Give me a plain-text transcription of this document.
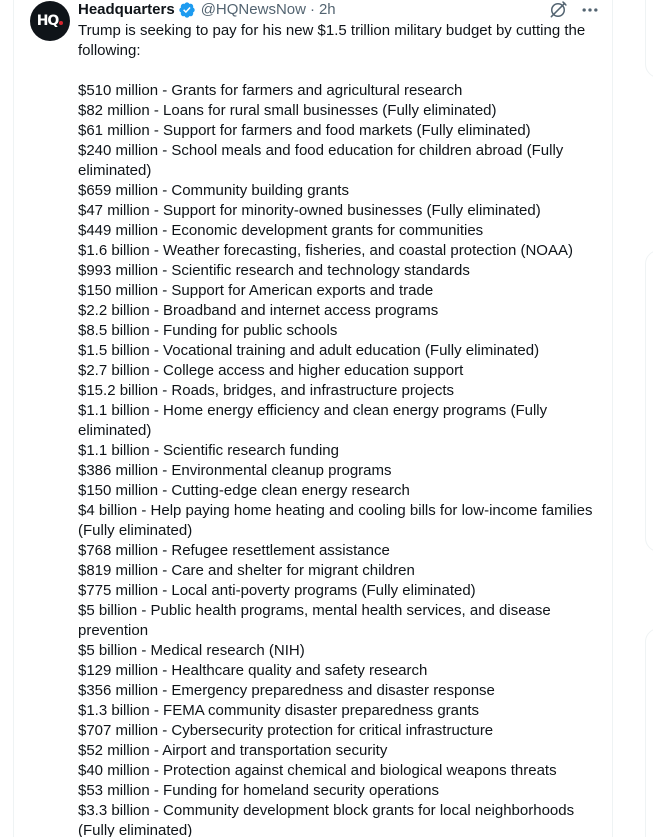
HQ
Headquarters @HQNewsNow · 2h

Trump is seeking to pay for his new $1.5 trillion military budget by cutting the following:

$510 million - Grants for farmers and agricultural research

$82 million - Loans for rural small businesses (Fully eliminated)

$61 million - Support for farmers and food markets (Fully eliminated)

$240 million - School meals and food education for children abroad (Fully eliminated)

$659 million - Community building grants

$47 million - Support for minority-owned businesses (Fully eliminated)

$449 million - Economic development grants for communities

$1.6 billion - Weather forecasting, fisheries, and coastal protection (NOAA)

$993 million - Scientific research and technology standards

$150 million - Support for American exports and trade

$2.2 billion - Broadband and internet access programs

$8.5 billion - Funding for public schools

$1.5 billion - Vocational training and adult education (Fully eliminated)

$2.7 billion - College access and higher education support

$15.2 billion - Roads, bridges, and infrastructure projects

$1.1 billion - Home energy efficiency and clean energy programs (Fully eliminated)

$1.1 billion - Scientific research funding

$386 million - Environmental cleanup programs

$150 million - Cutting-edge clean energy research

$4 billion - Help paying home heating and cooling bills for low-income families (Fully eliminated)

$768 million - Refugee resettlement assistance

$819 million - Care and shelter for migrant children

$775 million - Local anti-poverty programs (Fully eliminated)

$5 billion - Public health programs, mental health services, and disease prevention

$5 billion - Medical research (NIH)

$129 million - Healthcare quality and safety research

$356 million - Emergency preparedness and disaster response

$1.3 billion - FEMA community disaster preparedness grants

$707 million - Cybersecurity protection for critical infrastructure

$52 million - Airport and transportation security

$40 million - Protection against chemical and biological weapons threats

$53 million - Funding for homeland security operations

$3.3 billion - Community development block grants for local neighborhoods (Fully eliminated)
